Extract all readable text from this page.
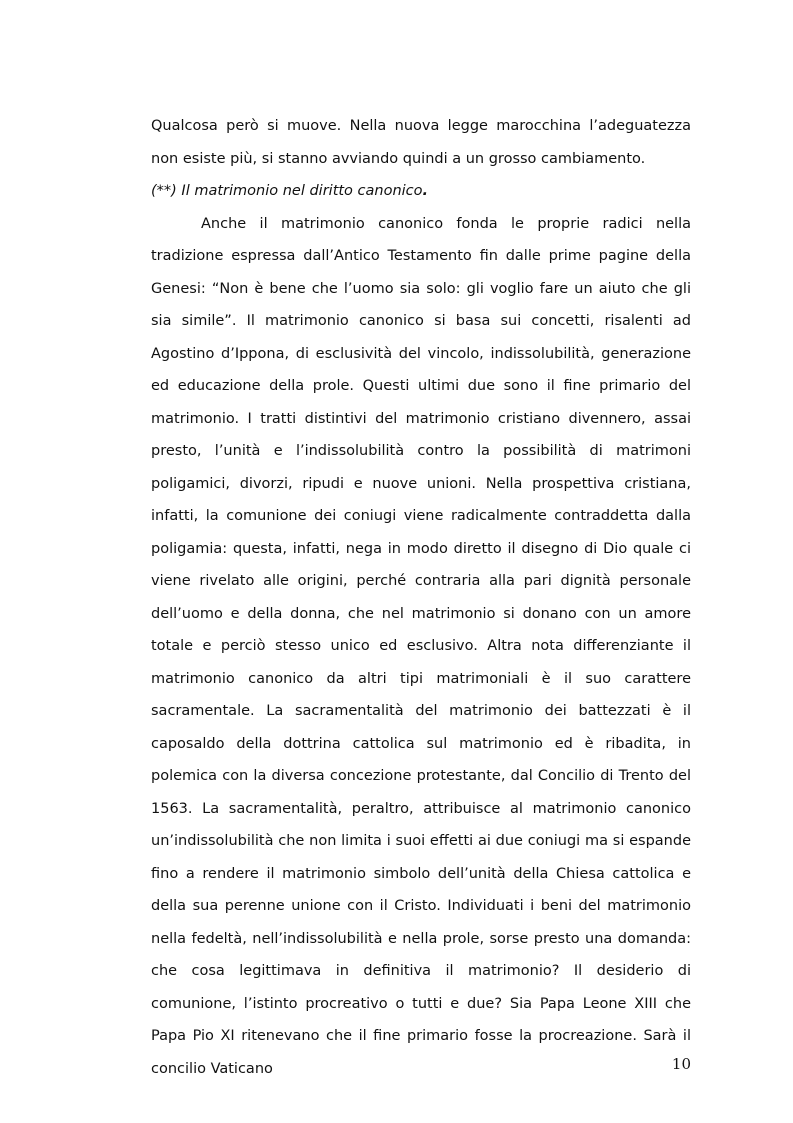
Qualcosa però si muove. Nella nuova legge marocchina l’adeguatezza non esiste più, si stanno avviando quindi a un grosso cambiamento.

(**) Il matrimonio nel diritto canonico.

Anche il matrimonio canonico fonda le proprie radici nella tradizione espressa dall’Antico Testamento fin dalle prime pagine della Genesi: “Non è bene che l’uomo sia solo: gli voglio fare un aiuto che gli sia simile”. Il matrimonio canonico si basa sui concetti, risalenti ad Agostino d’Ippona, di esclusività del vincolo, indissolubilità, generazione ed educazione della prole. Questi ultimi due sono il fine primario del matrimonio. I tratti distintivi del matrimonio cristiano divennero, assai presto, l’unità e l’indissolubilità contro la possibilità di matrimoni poligamici, divorzi, ripudi e nuove unioni. Nella prospettiva cristiana, infatti, la comunione dei coniugi viene radicalmente contraddetta dalla poligamia: questa, infatti, nega in modo diretto il disegno di Dio quale ci viene rivelato alle origini, perché contraria alla pari dignità personale dell’uomo e della donna, che nel matrimonio si donano con un amore totale e perciò stesso unico ed esclusivo. Altra nota differenziante il matrimonio canonico da altri tipi matrimoniali è il suo carattere sacramentale. La sacramentalità del matrimonio dei battezzati è il caposaldo della dottrina cattolica sul matrimonio ed è ribadita, in polemica con la diversa concezione protestante, dal Concilio di Trento del 1563. La sacramentalità, peraltro, attribuisce al matrimonio canonico un’indissolubilità che non limita i suoi effetti ai due coniugi ma si espande fino a rendere il matrimonio simbolo dell’unità della Chiesa cattolica e della sua perenne unione con il Cristo. Individuati i beni del matrimonio nella fedeltà, nell’indissolubilità e nella prole, sorse presto una domanda: che cosa legittimava in definitiva il matrimonio? Il desiderio di comunione, l’istinto procreativo o tutti e due? Sia Papa Leone XIII che Papa Pio XI ritenevano che il fine primario fosse la procreazione. Sarà il concilio Vaticano	10
